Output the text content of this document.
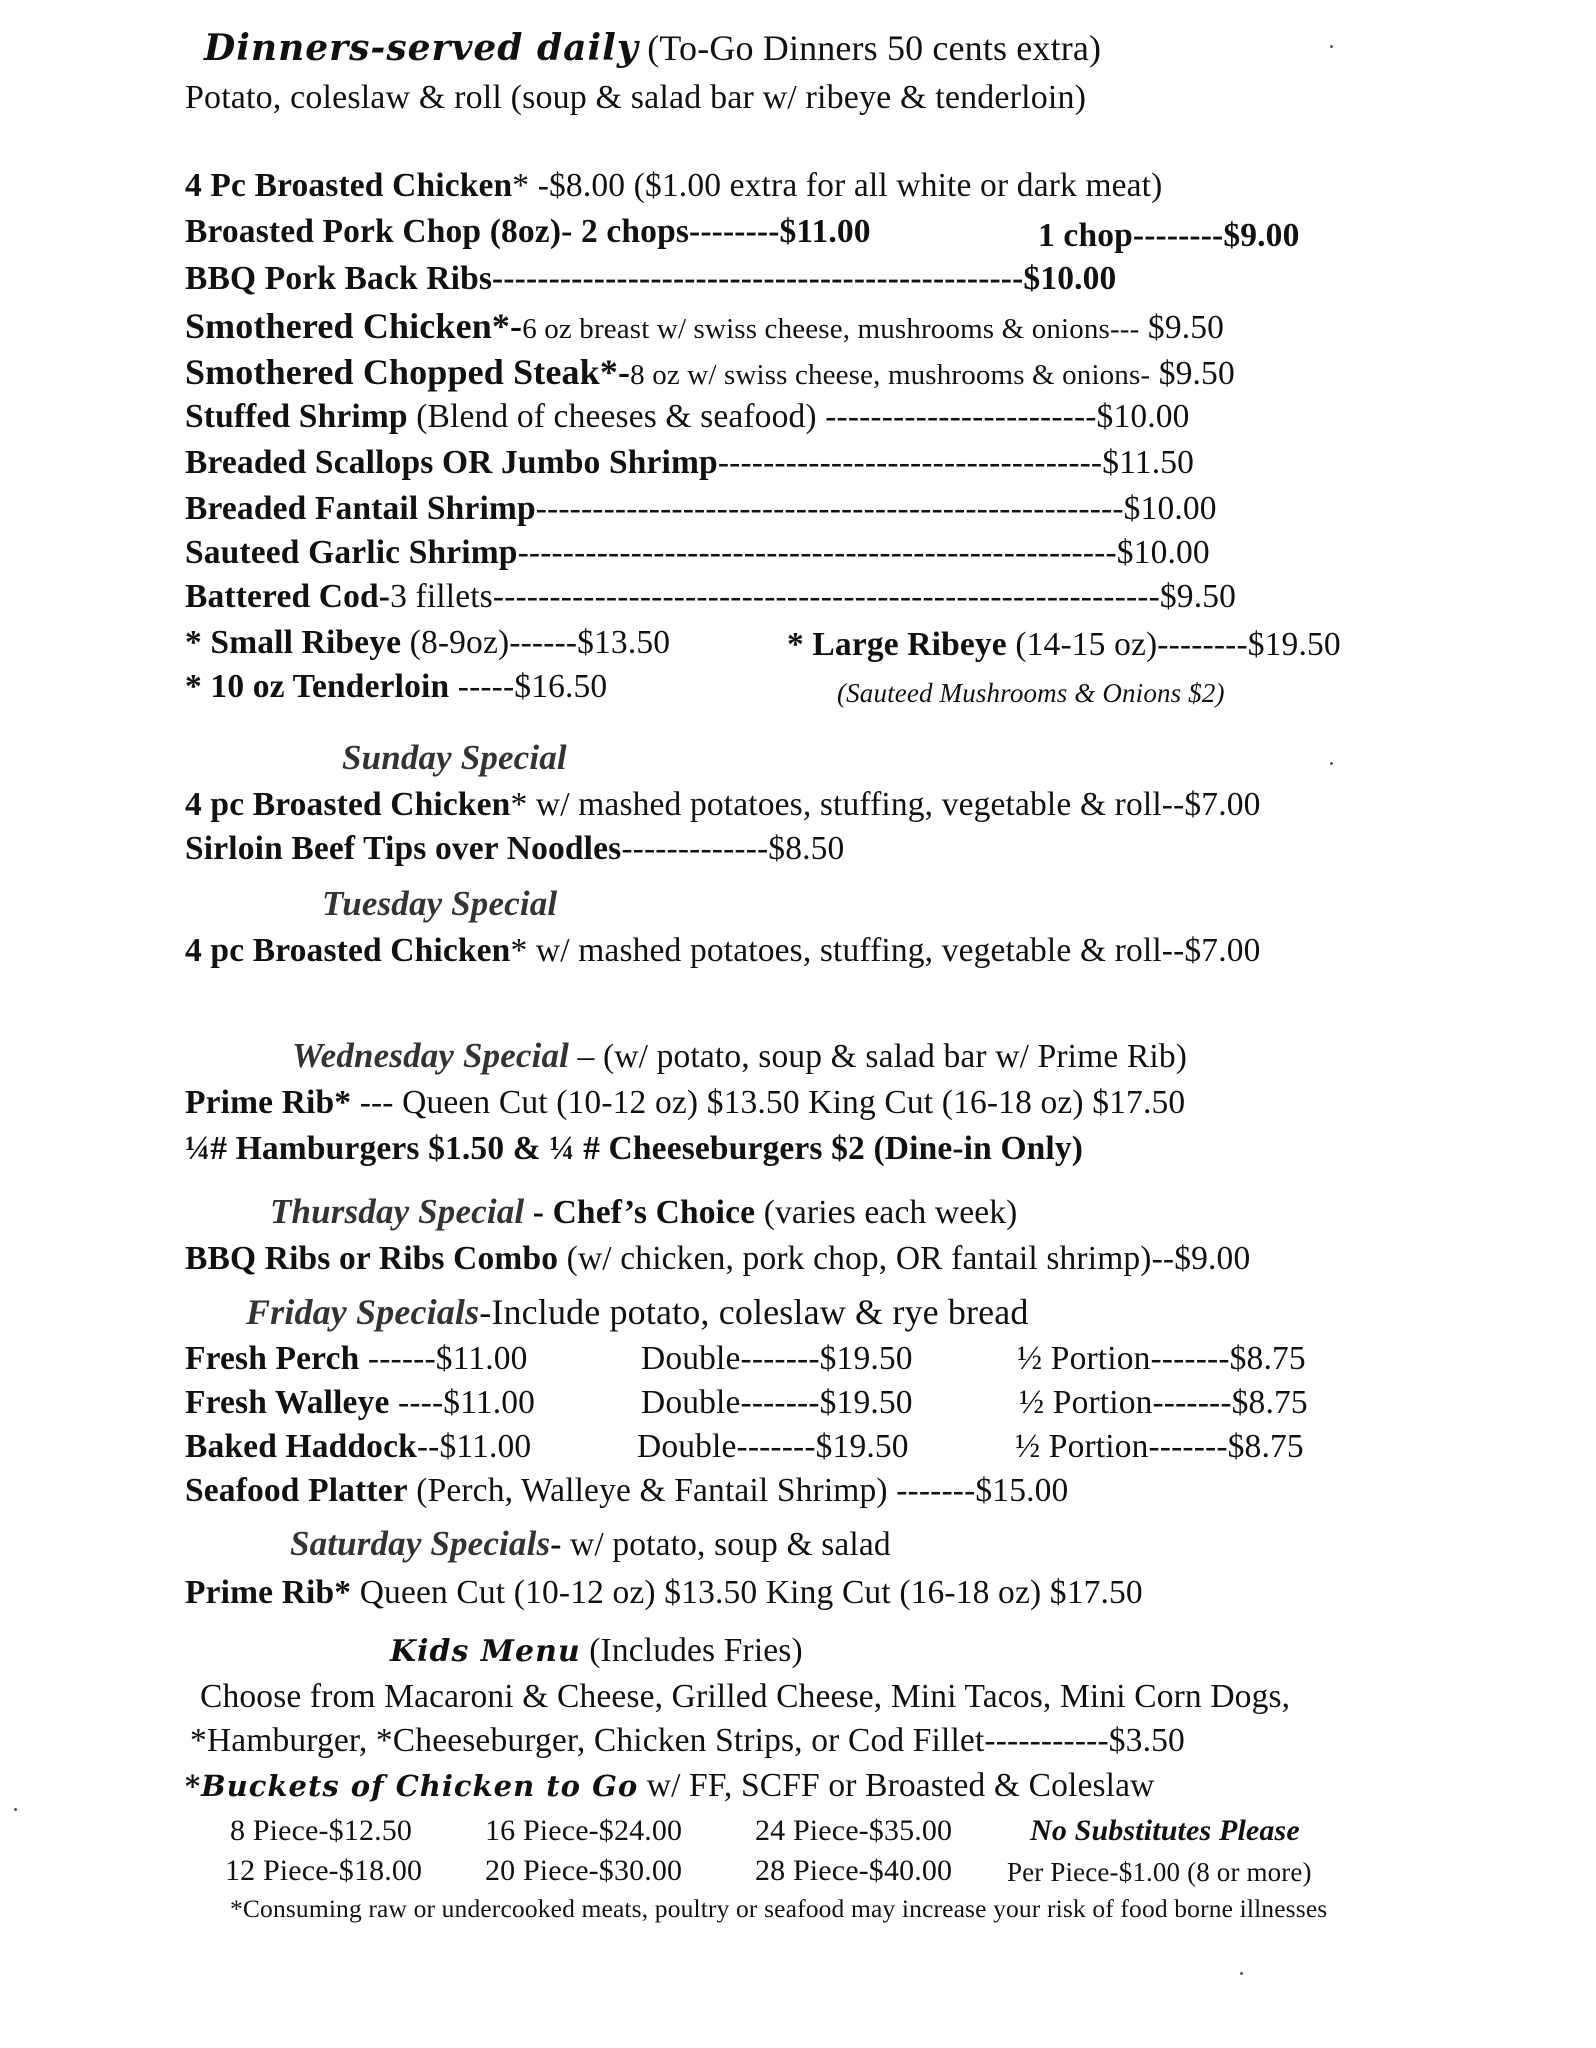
Dinners-served daily (To-Go Dinners 50 cents extra)
Potato, coleslaw & roll (soup & salad bar w/ ribeye & tenderloin)
4 Pc Broasted Chicken* -$8.00 ($1.00 extra for all white or dark meat)
Broasted Pork Chop (8oz)- 2 chops--------$11.00	1 chop--------$9.00
BBQ Pork Back Ribs-----------------------------------------------$10.00
Smothered Chicken*-6 oz breast w/ swiss cheese, mushrooms & onions--- $9.50
Smothered Chopped Steak*-8 oz w/ swiss cheese, mushrooms & onions- $9.50
Stuffed Shrimp (Blend of cheeses & seafood) ------------------------$10.00
Breaded Scallops OR Jumbo Shrimp----------------------------------$11.50
Breaded Fantail Shrimp----------------------------------------------------$10.00
Sauteed Garlic Shrimp-----------------------------------------------------$10.00
Battered Cod-3 fillets-----------------------------------------------------------$9.50
* Small Ribeye (8-9oz)------$13.50	* Large Ribeye (14-15 oz)--------$19.50
* 10 oz Tenderloin -----$16.50	(Sauteed Mushrooms & Onions $2)
Sunday Special
4 pc Broasted Chicken* w/ mashed potatoes, stuffing, vegetable & roll--$7.00
Sirloin Beef Tips over Noodles-------------$8.50
Tuesday Special
4 pc Broasted Chicken* w/ mashed potatoes, stuffing, vegetable & roll--$7.00
Wednesday Special – (w/ potato, soup & salad bar w/ Prime Rib)
Prime Rib* --- Queen Cut (10-12 oz) $13.50 King Cut (16-18 oz) $17.50
¼# Hamburgers $1.50 & ¼ # Cheeseburgers $2 (Dine-in Only)
Thursday Special - Chef’s Choice (varies each week)
BBQ Ribs or Ribs Combo (w/ chicken, pork chop, OR fantail shrimp)--$9.00
Friday Specials-Include potato, coleslaw & rye bread
Fresh Perch ------$11.00	Double-------$19.50	½ Portion-------$8.75
Fresh Walleye ----$11.00	Double-------$19.50	½ Portion-------$8.75
Baked Haddock--$11.00	Double-------$19.50	½ Portion-------$8.75
Seafood Platter (Perch, Walleye & Fantail Shrimp) -------$15.00
Saturday Specials- w/ potato, soup & salad
Prime Rib* Queen Cut (10-12 oz) $13.50 King Cut (16-18 oz) $17.50
Kids Menu (Includes Fries)
Choose from Macaroni & Cheese, Grilled Cheese, Mini Tacos, Mini Corn Dogs,
*Hamburger, *Cheeseburger, Chicken Strips, or Cod Fillet-----------$3.50
*Buckets of Chicken to Go w/ FF, SCFF or Broasted & Coleslaw
8 Piece-$12.50 16 Piece-$24.00 24 Piece-$35.00	No Substitutes Please
12 Piece-$18.00 20 Piece-$30.00 28 Piece-$40.00 Per Piece-$1.00 (8 or more)
*Consuming raw or undercooked meats, poultry or seafood may increase your risk of food borne illnesses
